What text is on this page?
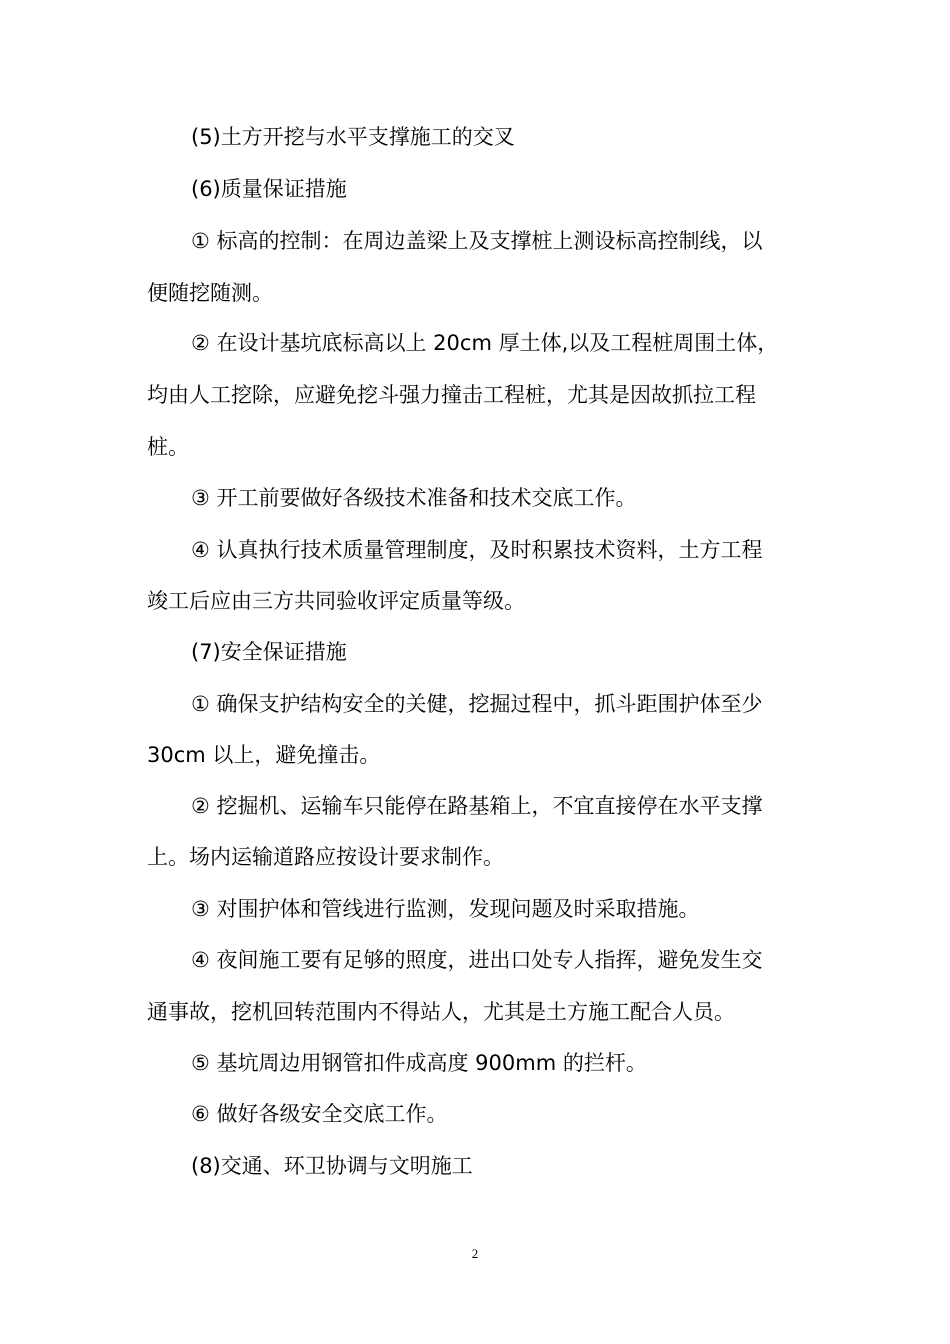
(5)土方开挖与水平支撑施工的交叉
(6)质量保证措施
① 标高的控制：在周边盖梁上及支撑桩上测设标高控制线，以
便随挖随测。
② 在设计基坑底标高以上 20cm 厚土体,以及工程桩周围土体，
均由人工挖除，应避免挖斗强力撞击工程桩，尤其是因故抓拉工程
桩。
③ 开工前要做好各级技术准备和技术交底工作。
④ 认真执行技术质量管理制度，及时积累技术资料，土方工程
竣工后应由三方共同验收评定质量等级。
(7)安全保证措施
① 确保支护结构安全的关健，挖掘过程中，抓斗距围护体至少
30cm 以上，避免撞击。
② 挖掘机、运输车只能停在路基箱上，不宜直接停在水平支撑
上。场内运输道路应按设计要求制作。
③ 对围护体和管线进行监测，发现问题及时采取措施。
④ 夜间施工要有足够的照度，进出口处专人指挥，避免发生交
通事故，挖机回转范围内不得站人，尤其是土方施工配合人员。
⑤ 基坑周边用钢管扣件成高度 900mm 的拦杆。
⑥ 做好各级安全交底工作。
(8)交通、环卫协调与文明施工
2
